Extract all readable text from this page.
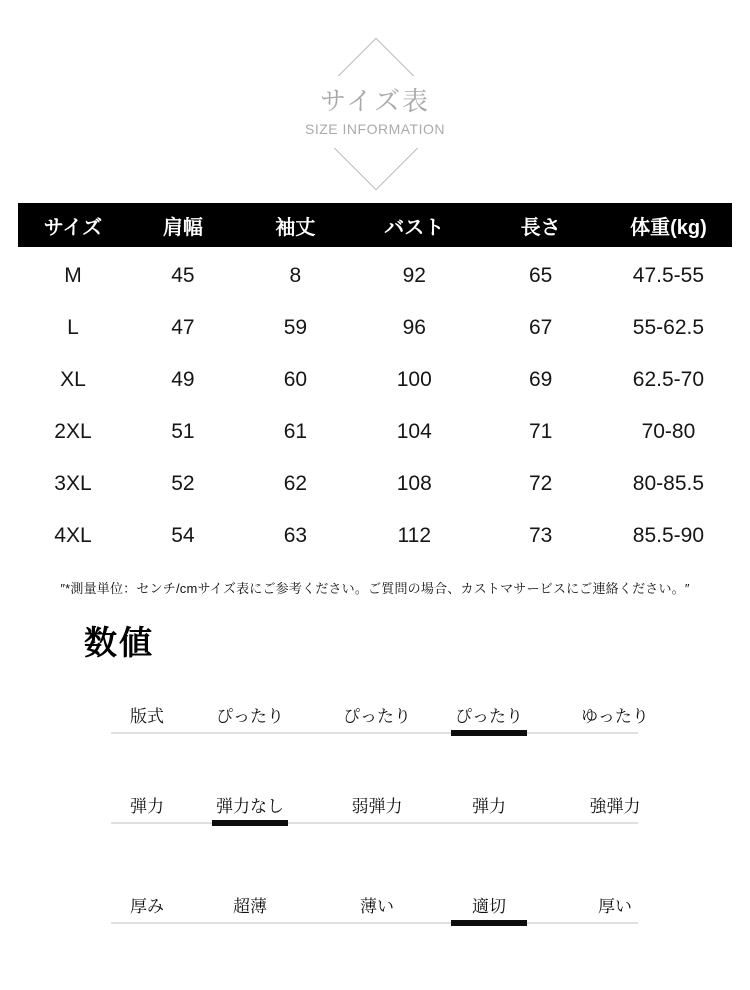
サイズ表
SIZE INFORMATION
サイズ	肩幅	袖丈	バスト	長さ	体重(kg)
M	45	8	92	65	47.5-55
L	47	59	96	67	55-62.5
XL	49	60	100	69	62.5-70
2XL	51	61	104	71	70-80
3XL	52	62	108	72	80-85.5
4XL	54	63	112	73	85.5-90
″*測量単位：センチ/cmサイズ表にご参考ください。ご質問の場合、カストマサービスにご連絡ください。″
数値
版式	ぴったり	ぴったり	ぴったり	ゆったり
弾力	弾力なし	弱弾力	弾力	強弾力
厚み	超薄	薄い	適切	厚い
